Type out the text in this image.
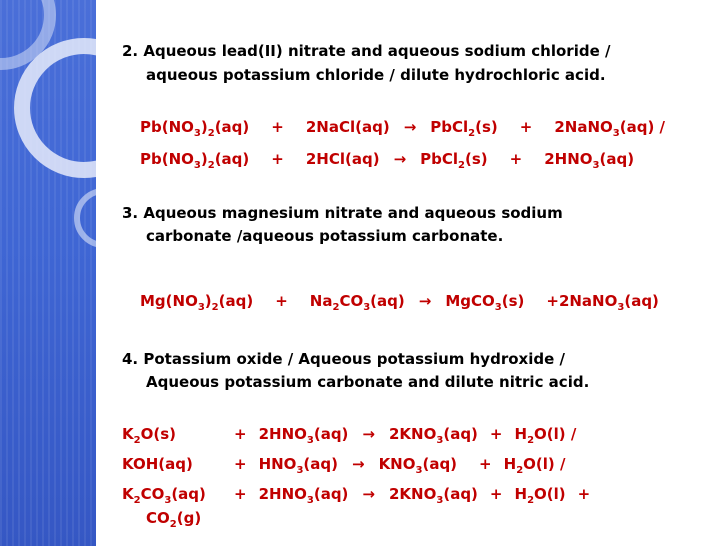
2. Aqueous lead(II) nitrate and aqueous sodium chloride /
aqueous potassium chloride / dilute hydrochloric acid.
$Pb(NO_3)_2(aq)$ + 2NaCl(aq) → PbCl$_2$(s) + 2NaNO$_3$(aq) /
$Pb(NO_3)_2(aq) + 2HCl(aq)$ → PbCl$_2$(s) + $2HNO_3(aq)$
3. Aqueous magnesium nitrate and aqueous sodium
carbonate /aqueous potassium carbonate.
$Mg(NO_3)_2(aq) + Na_2CO_3(aq)$ → MgCO$_3$(s) +2NaNO$_3$(aq)
4. Potassium oxide / Aqueous potassium hydroxide /
Aqueous potassium carbonate and dilute nitric acid.
$K_2O(s)$	+ $2HNO_3(aq) \to 2KNO_3(aq) + H_2O(l)$ /
KOH(aq)	+ $HNO_3(aq) \to KNO_3(aq) + H_2O(l)$ /
$K_2CO_3(aq) + 2HNO_3(aq) \to 2KNO_3(aq) + H_2O(l)$ +
$CO_2(g)$
